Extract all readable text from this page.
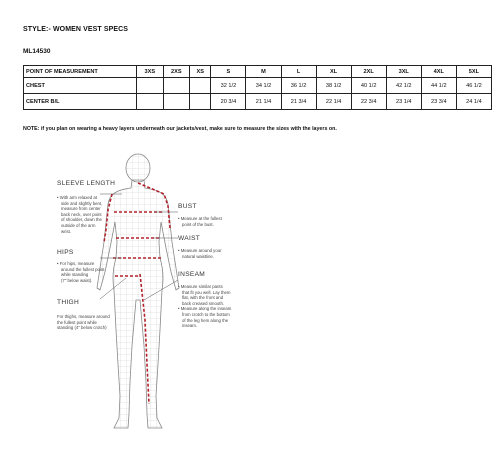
STYLE:- WOMEN VEST SPECS
ML14530
POINT OF MEASUREMENT	3XS	2XS	XS	S	M	L	XL	2XL	3XL	4XL	5XL
CHEST				32 1/2	34 1/2	36 1/2	38 1/2	40 1/2	42 1/2	44 1/2	46 1/2
CENTER B/L				20 3/4	21 1/4	21 3/4	22 1/4	22 3/4	23 1/4	23 3/4	24 1/4
NOTE: if you plan on wearing a heavy layers underneath our jackets/vest, make sure to measure the sizes with the layers on.
SLEEVE LENGTH
• With arm relaxed at
side and slightly bent,
measure from center
back neck, over point
of shoulder, down the
outside of the arm
wrist.
HIPS
• For hips, measure
around the fullest point
while standing
(7" below waist).
THIGH
For thighs, measure around
the fullest point while
standing (4" below crotch)
BUST
• Measure at the fullest
point of the bust.
WAIST
• Measure around your
natural waistline.
INSEAM
• Measure similar pants
that fit you well. Lay them
flat, with the front and
back creased smooth.
• Measure along the inseam
from crotch to the bottom
of the leg hem along the
inseam.
